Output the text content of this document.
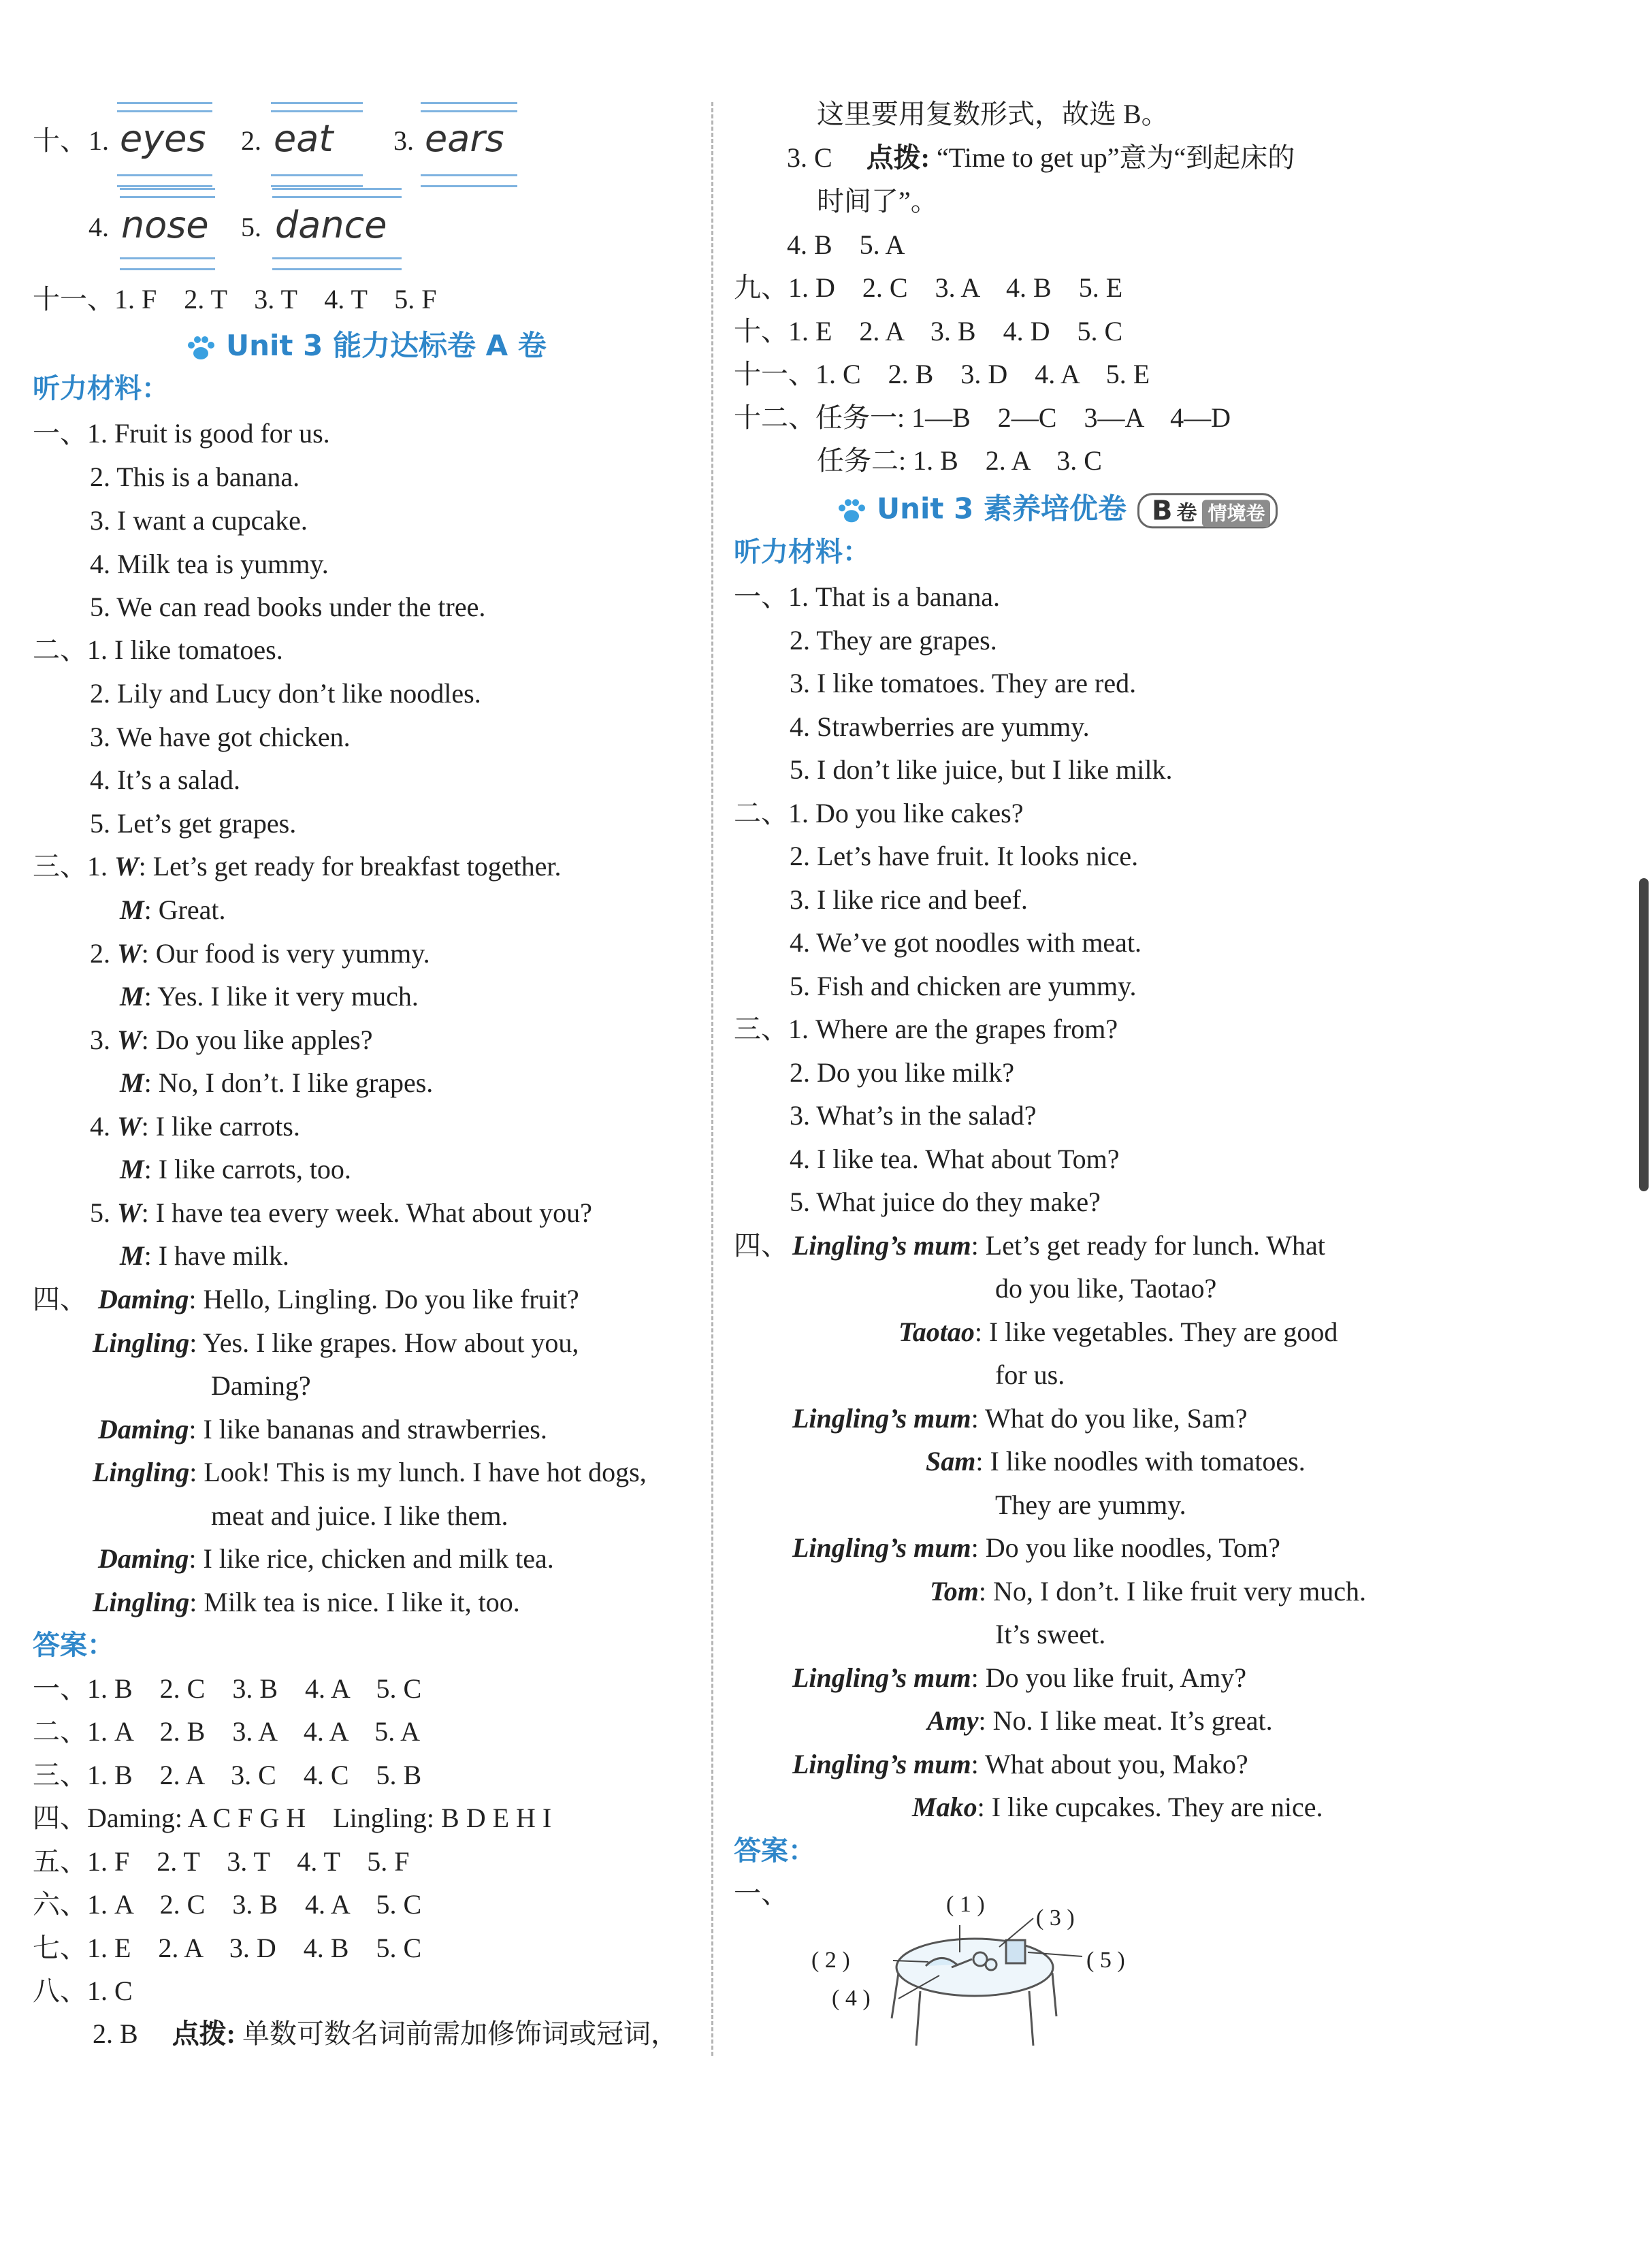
十、 1. eyes 2. eat 3. ears
4. nose 5. dance
十一、1. F　2. T　3. T　4. T　5. F
Unit 3 能力达标卷 A 卷
听力材料：
一、1. Fruit is good for us.
2. This is a banana.
3. I want a cupcake.
4. Milk tea is yummy.
5. We can read books under the tree.
二、1. I like tomatoes.
2. Lily and Lucy don’t like noodles.
3. We have got chicken.
4. It’s a salad.
5. Let’s get grapes.
三、1. W: Let’s get ready for breakfast together.
M: Great.
2. W: Our food is very yummy.
M: Yes. I like it very much.
3. W: Do you like apples?
M: No, I don’t. I like grapes.
4. W: I like carrots.
M: I like carrots, too.
5. W: I have tea every week. What about you?
M: I have milk.
四、 Daming: Hello, Lingling. Do you like fruit?
Lingling: Yes. I like grapes. How about you,
Daming?
Daming: I like bananas and strawberries.
Lingling: Look! This is my lunch. I have hot dogs,
meat and juice. I like them.
Daming: I like rice, chicken and milk tea.
Lingling: Milk tea is nice. I like it, too.
答案：
一、1. B　2. C　3. B　4. A　5. C
二、1. A　2. B　3. A　4. A　5. A
三、1. B　2. A　3. C　4. C　5. B
四、Daming: A C F G H　Lingling: B D E H I
五、1. F　2. T　3. T　4. T　5. F
六、1. A　2. C　3. B　4. A　5. C
七、1. E　2. A　3. D　4. B　5. C
八、1. C
2. B　 点拨: 单数可数名词前需加修饰词或冠词，
这里要用复数形式，故选 B。
3. C　 点拨: “Time to get up”意为“到起床的
时间了”。
4. B　5. A
九、1. D　2. C　3. A　4. B　5. E
十、1. E　2. A　3. B　4. D　5. C
十一、1. C　2. B　3. D　4. A　5. E
十二、任务一: 1—B　2—C　3—A　4—D
任务二: 1. B　2. A　3. C
Unit 3 素养培优卷 B 卷 情境卷
听力材料：
一、1. That is a banana.
2. They are grapes.
3. I like tomatoes. They are red.
4. Strawberries are yummy.
5. I don’t like juice, but I like milk.
二、1. Do you like cakes?
2. Let’s have fruit. It looks nice.
3. I like rice and beef.
4. We’ve got noodles with meat.
5. Fish and chicken are yummy.
三、1. Where are the grapes from?
2. Do you like milk?
3. What’s in the salad?
4. I like tea. What about Tom?
5. What juice do they make?
四、 Lingling’s mum: Let’s get ready for lunch. What
do you like, Taotao?
Taotao: I like vegetables. They are good
for us.
Lingling’s mum: What do you like, Sam?
Sam: I like noodles with tomatoes.
They are yummy.
Lingling’s mum: Do you like noodles, Tom?
Tom: No, I don’t. I like fruit very much.
It’s sweet.
Lingling’s mum: Do you like fruit, Amy?
Amy: No. I like meat. It’s great.
Lingling’s mum: What about you, Mako?
Mako: I like cupcakes. They are nice.
答案：
一、	( 1 )
( 2 )
( 3 )
( 4 )
( 5 )
